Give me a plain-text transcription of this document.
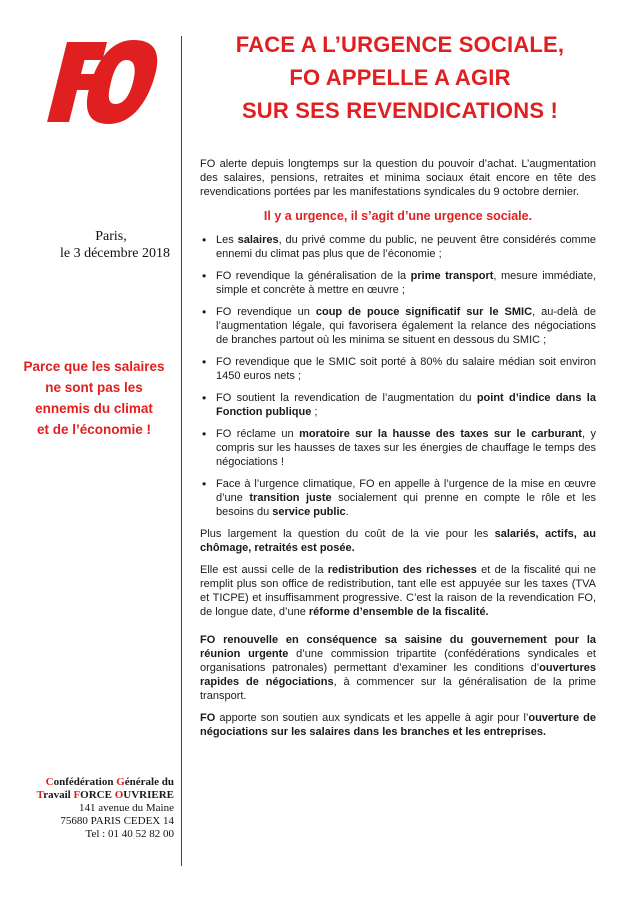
FACE A L’URGENCE SOCIALE,
FO APPELLE A AGIR
SUR SES REVENDICATIONS !
Paris,
le 3 décembre 2018
Parce que les salaires
ne sont pas les
ennemis du climat
et de l’économie !
Confédération Générale du
Travail FORCE OUVRIERE
141 avenue du Maine
75680 PARIS CEDEX 14
Tel : 01 40 52 82 00

FO alerte depuis longtemps sur la question du pouvoir d’achat. L’augmentation des salaires, pensions, retraites et minima sociaux était encore en tête des revendications portées par les manifestations syndicales du 9 octobre dernier.

Il y a urgence, il s’agit d’une urgence sociale.

• Les salaires, du privé comme du public, ne peuvent être considérés comme ennemi du climat pas plus que de l’économie ;
• FO revendique la généralisation de la prime transport, mesure immédiate, simple et concrète à mettre en œuvre ;
• FO revendique un coup de pouce significatif sur le SMIC, au-delà de l’augmentation légale, qui favorisera également la relance des négociations de branches partout où les minima se situent en dessous du SMIC ;
• FO revendique que le SMIC soit porté à 80% du salaire médian soit environ 1450 euros nets ;
• FO soutient la revendication de l’augmentation du point d’indice dans la Fonction publique ;
• FO réclame un moratoire sur la hausse des taxes sur le carburant, y compris sur les hausses de taxes sur les énergies de chauffage le temps des négociations !
• Face à l’urgence climatique, FO en appelle à l’urgence de la mise en œuvre d’une transition juste socialement qui prenne en compte le rôle et les besoins du service public.

Plus largement la question du coût de la vie pour les salariés, actifs, au chômage, retraités est posée.

Elle est aussi celle de la redistribution des richesses et de la fiscalité qui ne remplit plus son office de redistribution, tant elle est appuyée sur les taxes (TVA et TICPE) et insuffisamment progressive. C’est la raison de la revendication FO, de longue date, d’une réforme d’ensemble de la fiscalité.

FO renouvelle en conséquence sa saisine du gouvernement pour la réunion urgente d’une commission tripartite (confédérations syndicales et organisations patronales) permettant d’examiner les conditions d’ouvertures rapides de négociations, à commencer sur la généralisation de la prime transport.

FO apporte son soutien aux syndicats et les appelle à agir pour l’ouverture de négociations sur les salaires dans les branches et les entreprises.
